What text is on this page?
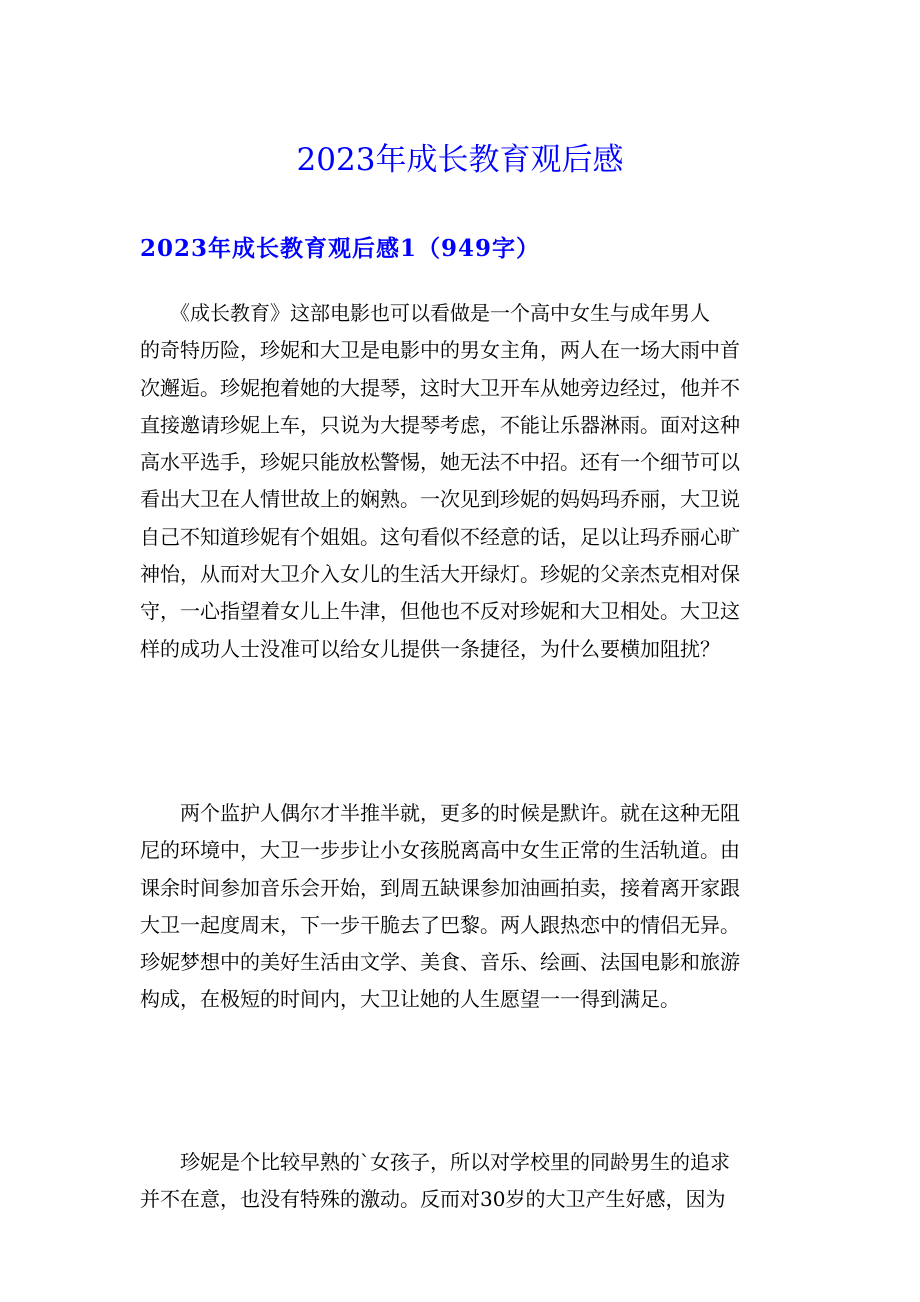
2023年成长教育观后感
2023年成长教育观后感1（949字）

　　《成长教育》这部电影也可以看做是一个高中女生与成年男人
的奇特历险，珍妮和大卫是电影中的男女主角，两人在一场大雨中首
次邂逅。珍妮抱着她的大提琴，这时大卫开车从她旁边经过，他并不
直接邀请珍妮上车，只说为大提琴考虑，不能让乐器淋雨。面对这种
高水平选手，珍妮只能放松警惕，她无法不中招。还有一个细节可以
看出大卫在人情世故上的娴熟。一次见到珍妮的妈妈玛乔丽，大卫说
自己不知道珍妮有个姐姐。这句看似不经意的话，足以让玛乔丽心旷
神怡，从而对大卫介入女儿的生活大开绿灯。珍妮的父亲杰克相对保
守，一心指望着女儿上牛津，但他也不反对珍妮和大卫相处。大卫这
样的成功人士没准可以给女儿提供一条捷径，为什么要横加阻扰？

　　两个监护人偶尔才半推半就，更多的时候是默许。就在这种无阻
尼的环境中，大卫一步步让小女孩脱离高中女生正常的生活轨道。由
课余时间参加音乐会开始，到周五缺课参加油画拍卖，接着离开家跟
大卫一起度周末，下一步干脆去了巴黎。两人跟热恋中的情侣无异。
珍妮梦想中的美好生活由文学、美食、音乐、绘画、法国电影和旅游
构成，在极短的时间内，大卫让她的人生愿望一一得到满足。

　　珍妮是个比较早熟的`女孩子，所以对学校里的同龄男生的追求
并不在意，也没有特殊的激动。反而对30岁的大卫产生好感，因为
